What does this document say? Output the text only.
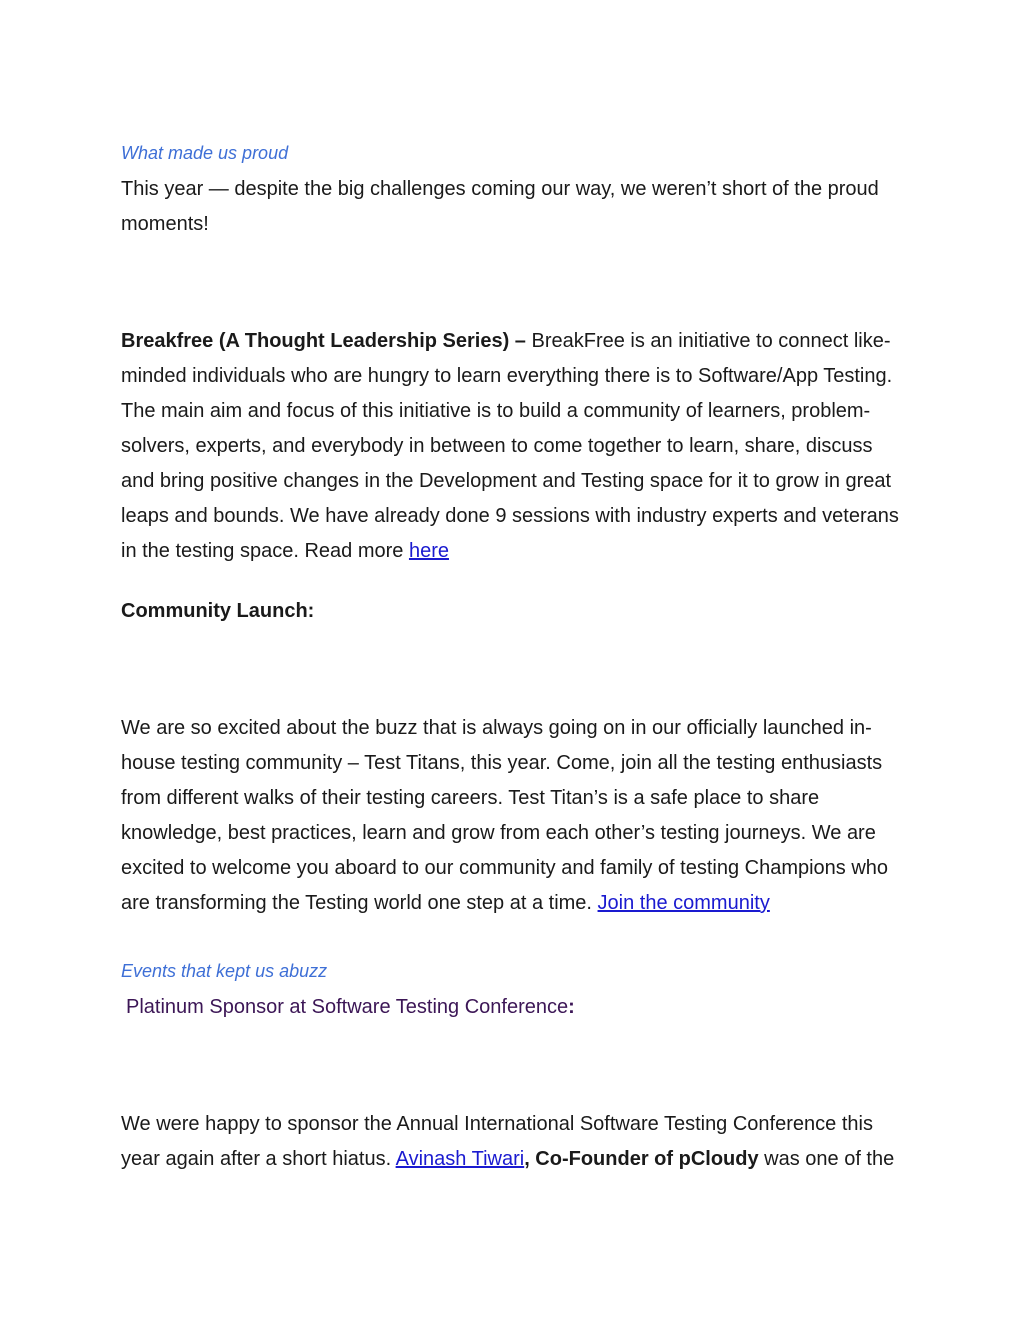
What made us proud

This year — despite the big challenges coming our way, we weren’t short of the proud moments!

Breakfree (A Thought Leadership Series) – BreakFree is an initiative to connect like-minded individuals who are hungry to learn everything there is to Software/App Testing. The main aim and focus of this initiative is to build a community of learners, problem-solvers, experts, and everybody in between to come together to learn, share, discuss and bring positive changes in the Development and Testing space for it to grow in great leaps and bounds. We have already done 9 sessions with industry experts and veterans in the testing space. Read more here

Community Launch:

We are so excited about the buzz that is always going on in our officially launched in-house testing community – Test Titans, this year. Come, join all the testing enthusiasts from different walks of their testing careers. Test Titan’s is a safe place to share knowledge, best practices, learn and grow from each other’s testing journeys. We are excited to welcome you aboard to our community and family of testing Champions who are transforming the Testing world one step at a time. Join the community

Events that kept us abuzz

Platinum Sponsor at Software Testing Conference:

We were happy to sponsor the Annual International Software Testing Conference this year again after a short hiatus. Avinash Tiwari, Co-Founder of pCloudy was one of the
